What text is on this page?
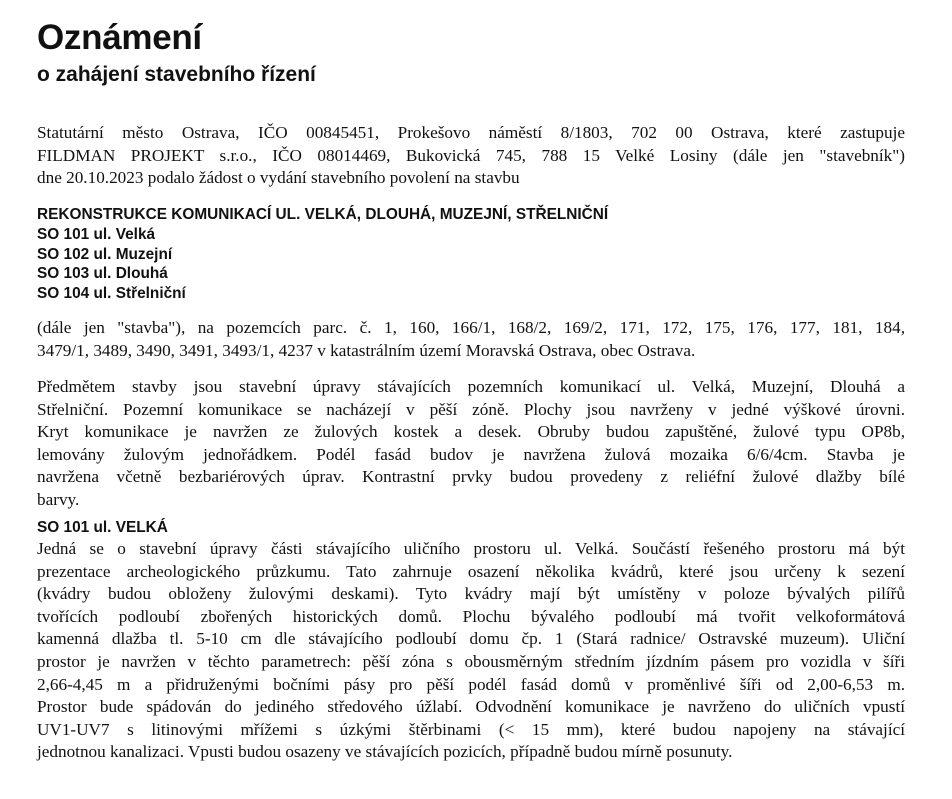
Oznámení
o zahájení stavebního řízení
Statutární město Ostrava, IČO 00845451, Prokešovo náměstí 8/1803, 702 00 Ostrava, které zastupuje
FILDMAN PROJEKT s.r.o., IČO 08014469, Bukovická 745, 788 15 Velké Losiny (dále jen "stavebník")
dne 20.10.2023 podalo žádost o vydání stavebního povolení na stavbu
REKONSTRUKCE KOMUNIKACÍ UL. VELKÁ, DLOUHÁ, MUZEJNÍ, STŘELNIČNÍ
SO 101 ul. Velká
SO 102 ul. Muzejní
SO 103 ul. Dlouhá
SO 104 ul. Střelniční
(dále jen "stavba"), na pozemcích parc. č. 1, 160, 166/1, 168/2, 169/2, 171, 172, 175, 176, 177, 181, 184,
3479/1, 3489, 3490, 3491, 3493/1, 4237 v katastrálním území Moravská Ostrava, obec Ostrava.
Předmětem stavby jsou stavební úpravy stávajících pozemních komunikací ul. Velká, Muzejní, Dlouhá a
Střelniční. Pozemní komunikace se nacházejí v pěší zóně. Plochy jsou navrženy v jedné výškové úrovni.
Kryt komunikace je navržen ze žulových kostek a desek. Obruby budou zapuštěné, žulové typu OP8b,
lemovány žulovým jednořádkem. Podél fasád budov je navržena žulová mozaika 6/6/4cm. Stavba je
navržena včetně bezbariérových úprav. Kontrastní prvky budou provedeny z reliéfní žulové dlažby bílé
barvy.
SO 101 ul. VELKÁ
Jedná se o stavební úpravy části stávajícího uličního prostoru ul. Velká. Součástí řešeného prostoru má být
prezentace archeologického průzkumu. Tato zahrnuje osazení několika kvádrů, které jsou určeny k sezení
(kvádry budou obloženy žulovými deskami). Tyto kvádry mají být umístěny v poloze bývalých pilířů
tvořících podloubí zbořených historických domů. Plochu bývalého podloubí má tvořit velkoformátová
kamenná dlažba tl. 5-10 cm dle stávajícího podloubí domu čp. 1 (Stará radnice/ Ostravské muzeum). Uliční
prostor je navržen v těchto parametrech: pěší zóna s obousměrným středním jízdním pásem pro vozidla v šíři
2,66-4,45 m a přidruženými bočními pásy pro pěší podél fasád domů v proměnlivé šíři od 2,00-6,53 m.
Prostor bude spádován do jediného středového úžlabí. Odvodnění komunikace je navrženo do uličních vpustí
UV1-UV7 s litinovými mřížemi s úzkými štěrbinami (< 15 mm), které budou napojeny na stávající
jednotnou kanalizaci. Vpusti budou osazeny ve stávajících pozicích, případně budou mírně posunuty.
